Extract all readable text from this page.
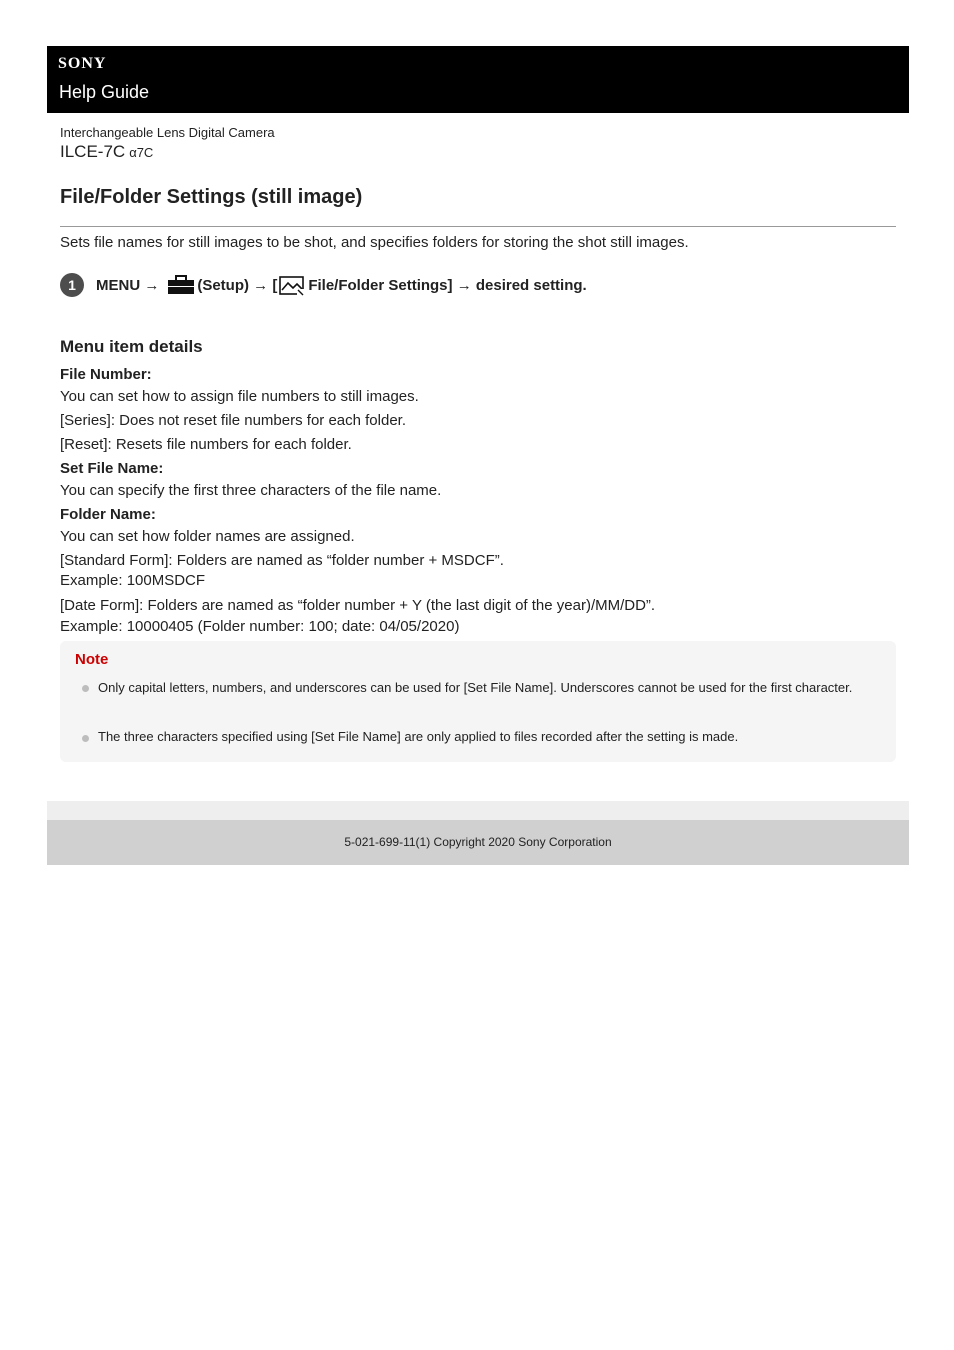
SONY
Help Guide
Interchangeable Lens Digital Camera
ILCE-7C α7C
File/Folder Settings (still image)
Sets file names for still images to be shot, and specifies folders for storing the shot still images.
1	MENU →	(Setup) → [ File/Folder Settings] → desired setting.
Menu item details
File Number:
You can set how to assign file numbers to still images.
[Series]: Does not reset file numbers for each folder.
[Reset]: Resets file numbers for each folder.
Set File Name:
You can specify the first three characters of the file name.
Folder Name:
You can set how folder names are assigned.
[Standard Form]: Folders are named as “folder number + MSDCF”.
Example: 100MSDCF
[Date Form]: Folders are named as “folder number + Y (the last digit of the year)/MM/DD”.
Example: 10000405 (Folder number: 100; date: 04/05/2020)
Note
Only capital letters, numbers, and underscores can be used for [Set File Name]. Underscores cannot be used for the first character.
The three characters specified using [Set File Name] are only applied to files recorded after the setting is made.
5-021-699-11(1) Copyright 2020 Sony Corporation
